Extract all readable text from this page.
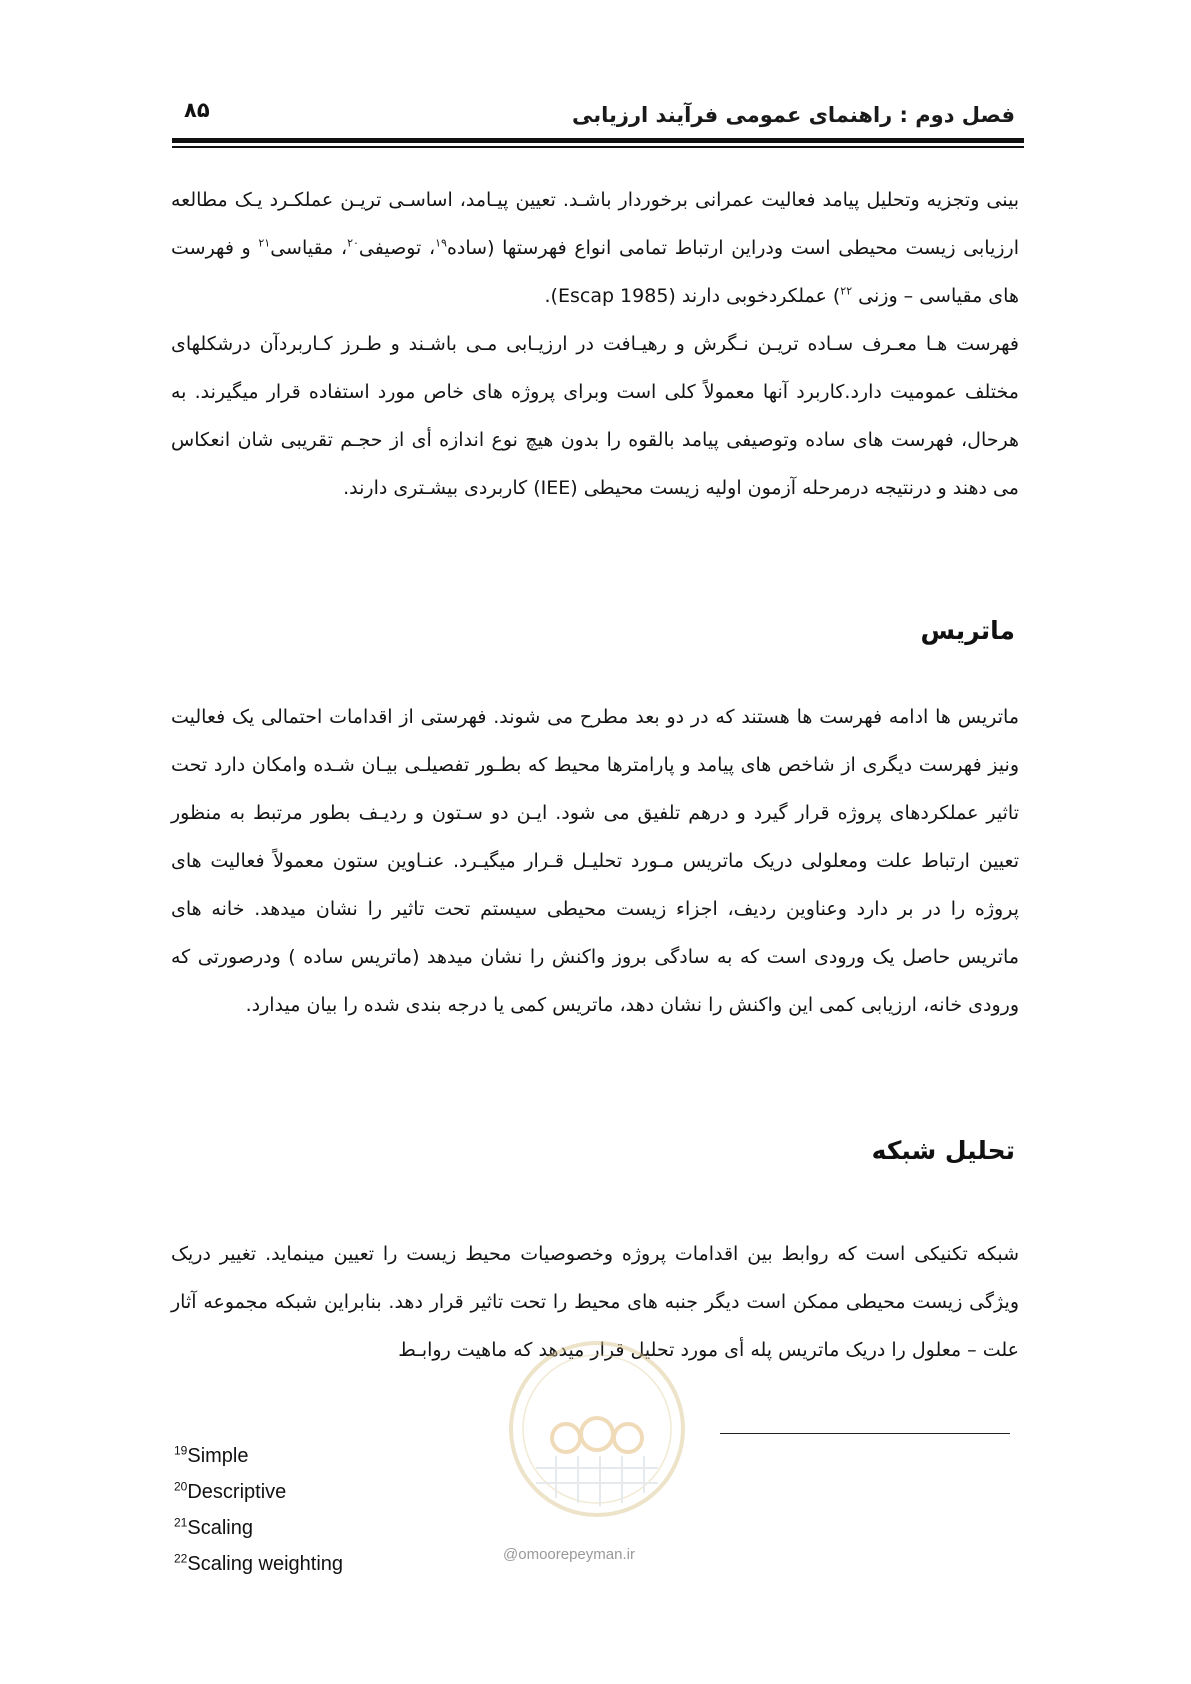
فصل دوم : راهنمای عمومی فرآیند ارزیابی
۸۵

بینی وتجزیه وتحلیل پیامد فعالیت عمرانی برخوردار باشـد. تعیین پیـامد، اساسـی تریـن عملکـرد یـک مطالعه ارزیابی زیست محیطی است ودراین ارتباط تمامی انواع فهرستها (ساده$^{۱۹}$، توصیفی$^{۲۰}$، مقیاسی$^{۲۱}$ و فهرست های مقیاسی – وزنی $^{۲۲}$) عملکردخوبی دارند (Escap 1985).

فهرست هـا معـرف سـاده تریـن نـگرش و رهیـافت در ارزیـابی مـی باشـند و طـرز کـاربردآن درشکلهای مختلف عمومیت دارد.کاربرد آنها معمولاً کلی است وبرای پروژه های خاص مورد استفاده قرار میگیرند. به هرحال، فهرست های ساده وتوصیفی پیامد بالقوه را بدون هیچ نوع اندازه أی از حجـم تقریبی شان انعکاس می دهند و درنتیجه درمرحله آزمون اولیه زیست محیطی (IEE) کاربردی بیشـتری دارند.

ماتریس

ماتریس ها ادامه فهرست ها هستند که در دو بعد مطرح می شوند. فهرستی از اقدامات احتمالی یک فعالیت ونیز فهرست دیگری از شاخص های پیامد و پارامترها محیط که بطـور تفصیلـی بیـان شـده وامکان دارد تحت تاثیر عملکردهای پروژه قرار گیرد و درهم تلفیق می شود. ایـن دو سـتون و ردیـف بطور مرتبط به منظور تعیین ارتباط علت ومعلولی دریک ماتریس مـورد تحلیـل قـرار میگیـرد. عنـاوین ستون معمولاً فعالیت های پروژه را در بر دارد وعناوین ردیف، اجزاء زیست محیطی سیستم تحت تاثیر را نشان میدهد. خانه های ماتریس حاصل یک ورودی است که به سادگی بروز واکنش را نشان میدهد (ماتریس ساده ) ودرصورتی که ورودی خانه، ارزیابی کمی این واکنش را نشان دهد، ماتریس کمی یا درجه بندی شده را بیان میدارد.

تحلیل شبکه

شبکه تکنیکی است که روابط بین اقدامات پروژه وخصوصیات محیط زیست را تعیین مینماید. تغییر دریک ویژگی زیست محیطی ممکن است دیگر جنبه های محیط را تحت تاثیر قرار دهد. بنابراین شبکه مجموعه آثار علت – معلول را دریک ماتریس پله أی مورد تحلیل قرار میدهد که ماهیت روابـط

@omoorepeyman.ir
$^{19}$Simple
$^{20}$Descriptive
$^{21}$Scaling
$^{22}$Scaling weighting
